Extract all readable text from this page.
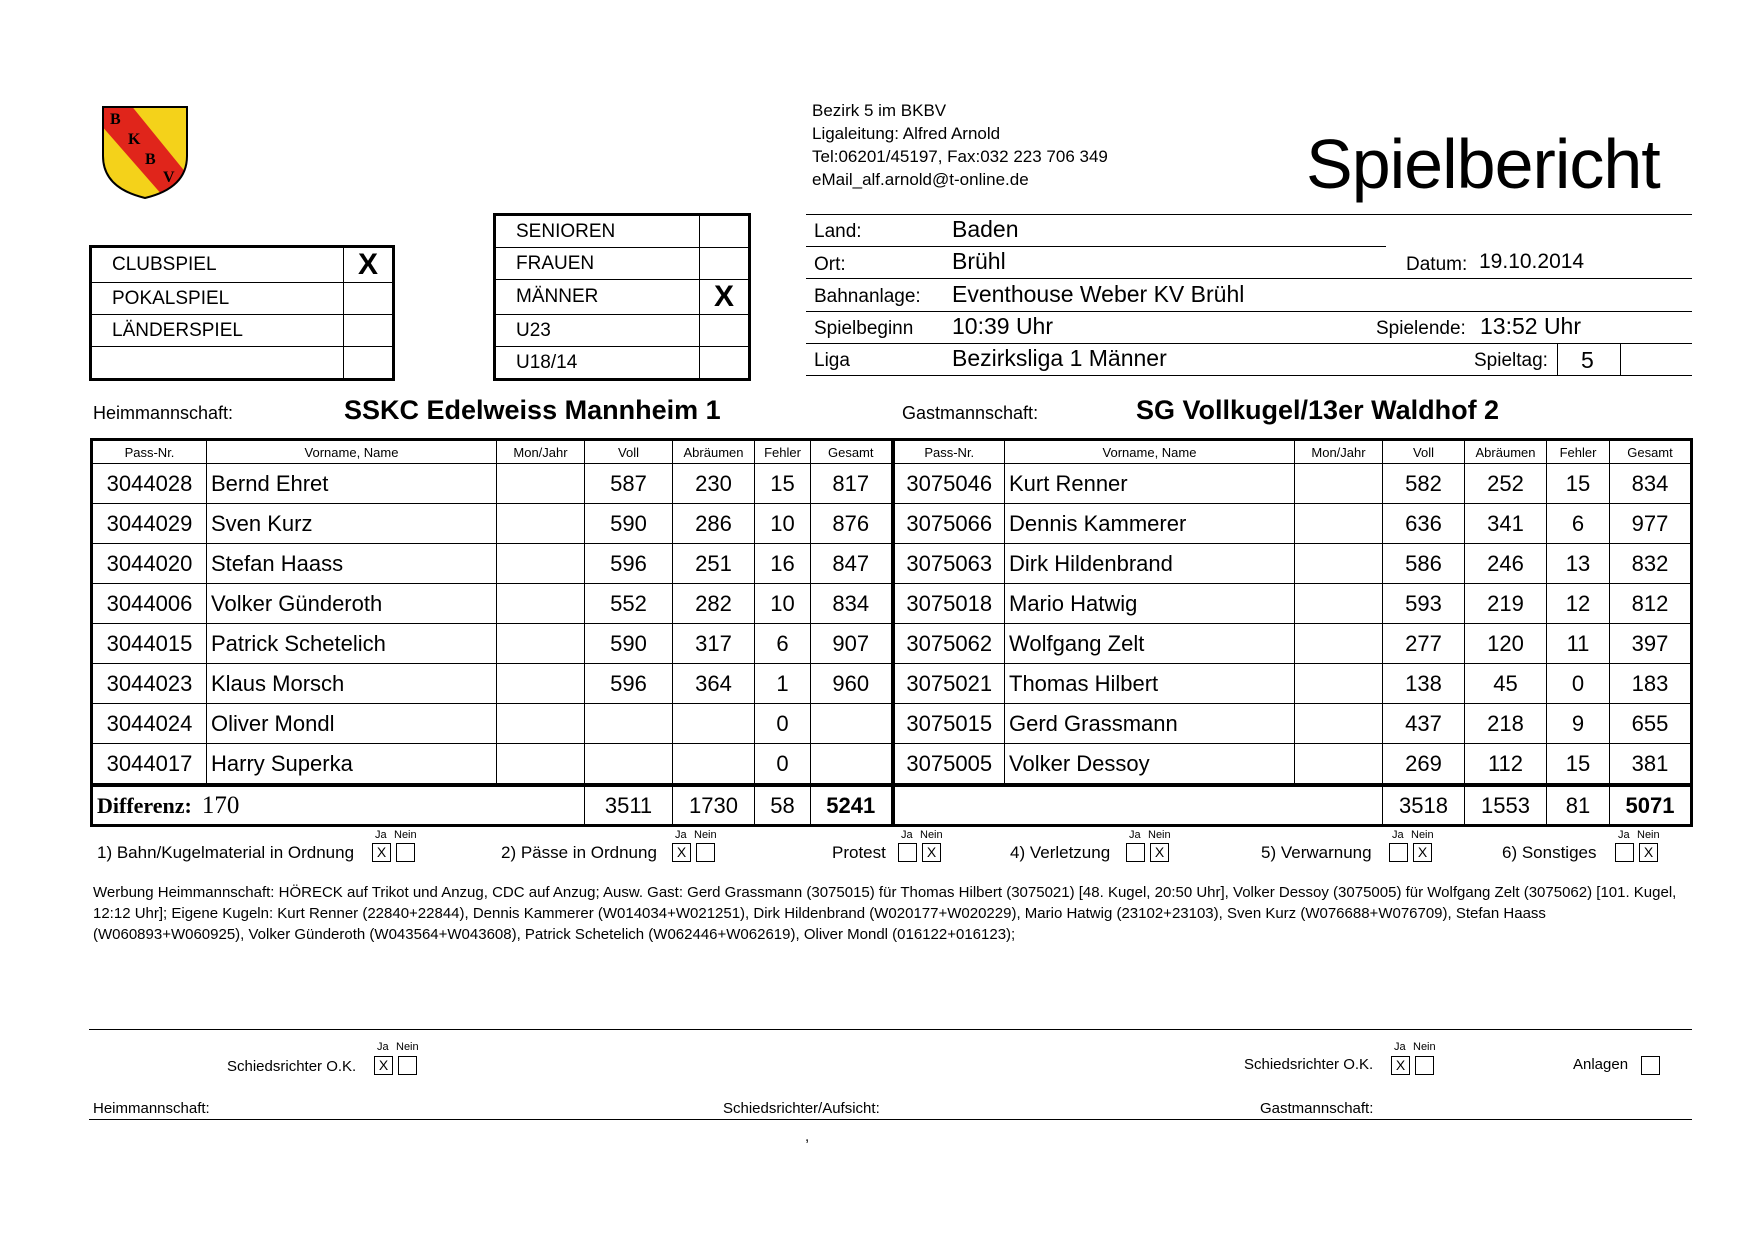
B
K
B
V
Bezirk 5 im BKBV
Ligaleitung: Alfred Arnold
Tel:06201/45197, Fax:032 223 706 349
eMail_alf.arnold@t-online.de	Spielbericht
CLUBSPIEL	X
POKALSPIEL	
LÄNDERSPIEL	

SENIOREN	
FRAUEN	
MÄNNER	X
U23	
U18/14	
Land:	Baden
Ort:	Brühl	Datum: 19.10.2014
Bahnanlage: Eventhouse Weber KV Brühl
Spielbeginn 10:39 Uhr	Spielende: 13:52 Uhr
Liga	Bezirksliga 1 Männer	Spieltag: 5
Heimmannschaft:	SSKC Edelweiss Mannheim 1	Gastmannschaft:	SG Vollkugel/13er Waldhof 2
Pass-Nr.	Vorname, Name	Mon/Jahr	Voll	Abräumen	Fehler	Gesamt	Pass-Nr.	Vorname, Name	Mon/Jahr	Voll	Abräumen	Fehler	Gesamt
3044028	Bernd Ehret		587	230	15	817	3075046	Kurt Renner		582	252	15	834
3044029	Sven Kurz		590	286	10	876	3075066	Dennis Kammerer		636	341	6	977
3044020	Stefan Haass		596	251	16	847	3075063	Dirk Hildenbrand		586	246	13	832
3044006	Volker Günderoth		552	282	10	834	3075018	Mario Hatwig		593	219	12	812
3044015	Patrick Schetelich		590	317	6	907	3075062	Wolfgang Zelt		277	120	11	397
3044023	Klaus Morsch		596	364	1	960	3075021	Thomas Hilbert		138	45	0	183
3044024	Oliver Mondl				0		3075015	Gerd Grassmann		437	218	9	655
3044017	Harry Superka				0		3075005	Volker Dessoy		269	112	15	381
Differenz: 170			3511	1730	58	5241				3518	1553	81	5071
1) Bahn/Kugelmaterial in Ordnung
Ja
X
Nein
2) Pässe in Ordnung
Ja
X
Nein
Protest
Ja Nein
X	4) Verletzung
Ja Nein
X	5) Verwarnung
Ja Nein
X	6) Sonstiges
Ja Nein
X
Werbung Heimmannschaft: HÖRECK auf Trikot und Anzug, CDC auf Anzug; Ausw. Gast: Gerd Grassmann (3075015) für Thomas Hilbert (3075021) [48. Kugel, 20:50 Uhr], Volker Dessoy (3075005) für Wolfgang Zelt (3075062) [101. Kugel, 12:12 Uhr]; Eigene Kugeln: Kurt Renner (22840+22844), Dennis Kammerer (W014034+W021251), Dirk Hildenbrand (W020177+W020229), Mario Hatwig (23102+23103), Sven Kurz (W076688+W076709), Stefan Haass (W060893+W060925), Volker Günderoth (W043564+W043608), Patrick Schetelich (W062446+W062619), Oliver Mondl (016122+016123);
Ja Nein
Schiedsrichter O.K.	X
Ja Nein
Schiedsrichter O.K.	X	Anlagen
Heimmannschaft:	Schiedsrichter/Aufsicht:	Gastmannschaft:
,
